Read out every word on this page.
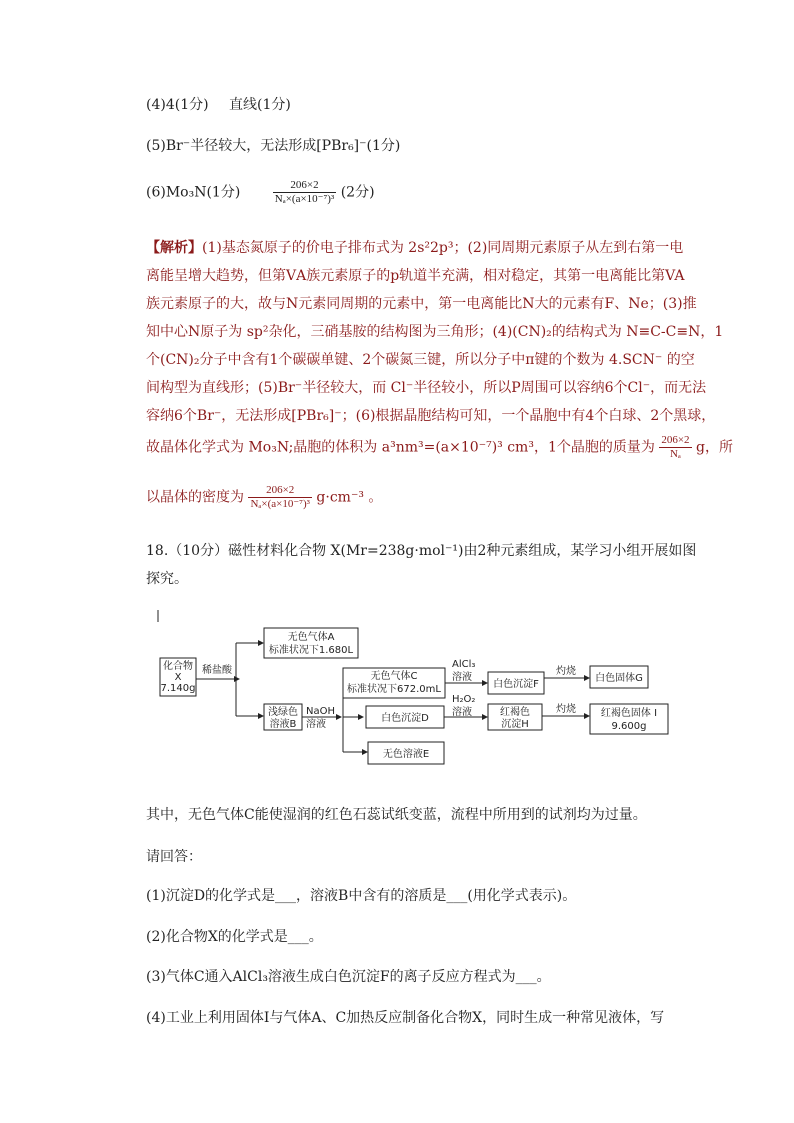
(4)4(1分) 直线(1分)
(5)Br⁻半径较大，无法形成[PBr₆]⁻(1分)
(6)Mo₃N(1分)	$\frac{206\times 2}{\text{Nₐ×(a×10⁻⁷)³}} (2$分)
【解析】(1)基态氮原子的价电子排布式为 2s²2p³；(2)同周期元素原子从左到右第一电
离能呈增大趋势，但第ⅤA族元素原子的p轨道半充满，相对稳定，其第一电离能比第VA
族元素原子的大，故与N元素同周期的元素中，第一电离能比N大的元素有F、Ne；(3)推
知中心N原子为 sp²杂化，三硝基胺的结构图为三角形；(4)(CN)₂的结构式为 N≡C-C≡N，1
个(CN)₂分子中含有1个碳碳单键、2个碳氮三键，所以分子中π键的个数为 4.SCN⁻ 的空
间构型为直线形；(5)Br⁻半径较大，而 Cl⁻半径较小，所以P周围可以容纳6个Cl⁻，而无法
容纳6个Br⁻，无法形成[PBr₆]⁻；(6)根据晶胞结构可知，一个晶胞中有4个白球、2个黑球，
故晶体化学式为 Mo₃N;晶胞的体积为 a³nm³=(a×10⁻⁷)³ cm³，1个晶胞的质量为 $\frac{206\times 2}{\text{Nₐ}}$ g，所
以晶体的密度为 $\frac{206\times 2}{\text{Nₐ×(a×10⁻⁷)³}} g\cdot cm^{-3}$ 。
18.（10分）磁性材料化合物 X(Mr=238g·mol⁻¹)由2种元素组成，某学习小组开展如图
探究。
化合物
X
7.140g
稀盐酸
无色气体A
标准状况下1.680L
浅绿色
溶液B
NaOH
溶液
无色气体C
标准状况下672.0mL
AlCl₃
溶液
白色沉淀F
灼烧
白色固体G
白色沉淀D
H₂O₂
溶液	红褐色
沉淀H
灼烧 红褐色固体 I
9.600g
无色溶液E
其中，无色气体C能使湿润的红色石蕊试纸变蓝，流程中所用到的试剂均为过量。
请回答：
(1)沉淀D的化学式是___，溶液B中含有的溶质是___(用化学式表示)。
(2)化合物X的化学式是___。
(3)气体C通入AlCl₃溶液生成白色沉淀F的离子反应方程式为___。
(4)工业上利用固体I与气体A、C加热反应制备化合物X，同时生成一种常见液体，写
